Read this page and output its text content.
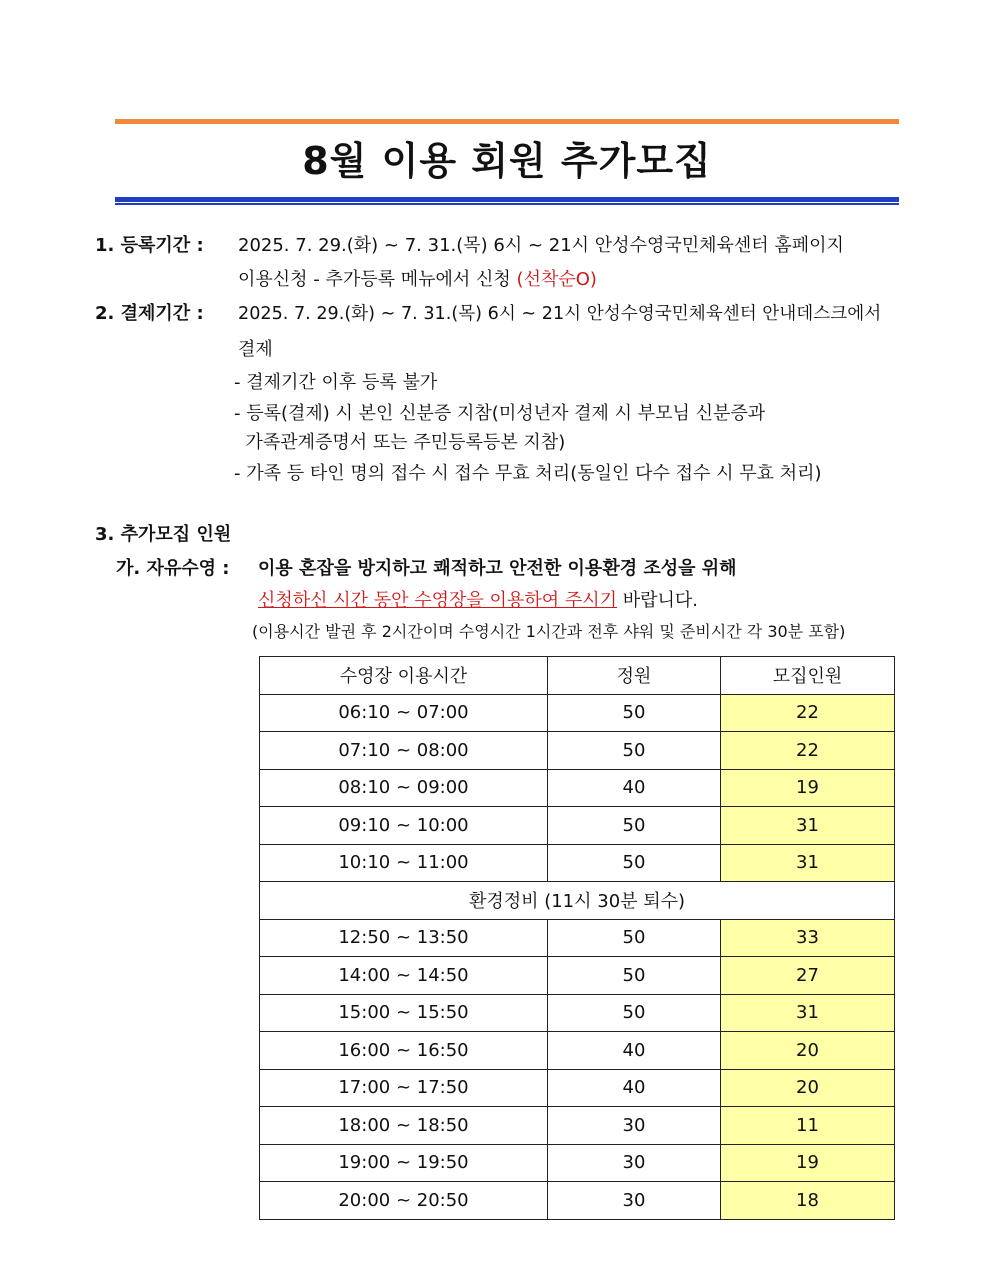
8월 이용 회원 추가모집
1. 등록기간 : 2025. 7. 29.(화) ~ 7. 31.(목) 6시 ~ 21시 안성수영국민체육센터 홈페이지
이용신청 - 추가등록 메뉴에서 신청 (선착순O)
2. 결제기간 : 2025. 7. 29.(화) ~ 7. 31.(목) 6시 ~ 21시 안성수영국민체육센터 안내데스크에서
결제
- 결제기간 이후 등록 불가
- 등록(결제) 시 본인 신분증 지참(미성년자 결제 시 부모님 신분증과
가족관계증명서 또는 주민등록등본 지참)
- 가족 등 타인 명의 접수 시 접수 무효 처리(동일인 다수 접수 시 무효 처리)
3. 추가모집 인원
가. 자유수영 : 이용 혼잡을 방지하고 쾌적하고 안전한 이용환경 조성을 위해
신청하신 시간 동안 수영장을 이용하여 주시기 바랍니다.
(이용시간 발권 후 2시간이며 수영시간 1시간과 전후 샤워 및 준비시간 각 30분 포함)
수영장 이용시간	정원	모집인원
06:10 ~ 07:00	50	22
07:10 ~ 08:00	50	22
08:10 ~ 09:00	40	19
09:10 ~ 10:00	50	31
10:10 ~ 11:00	50	31
환경정비 (11시 30분 퇴수)		
12:50 ~ 13:50	50	33
14:00 ~ 14:50	50	27
15:00 ~ 15:50	50	31
16:00 ~ 16:50	40	20
17:00 ~ 17:50	40	20
18:00 ~ 18:50	30	11
19:00 ~ 19:50	30	19
20:00 ~ 20:50	30	18
